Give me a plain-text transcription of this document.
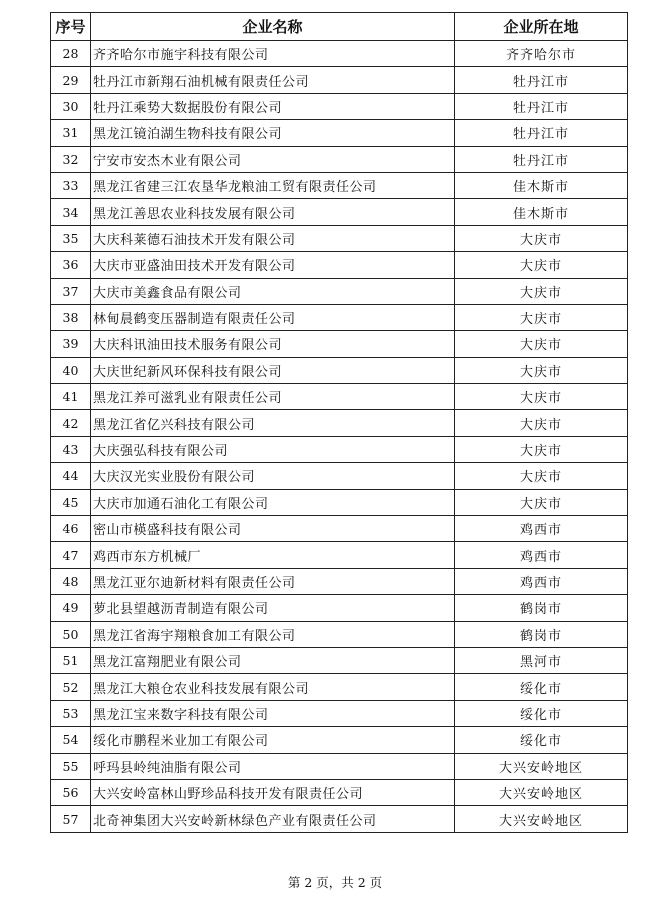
序号	企业名称	企业所在地
28	齐齐哈尔市施宇科技有限公司	齐齐哈尔市
29	牡丹江市新翔石油机械有限责任公司	牡丹江市
30	牡丹江乘势大数据股份有限公司	牡丹江市
31	黑龙江镜泊湖生物科技有限公司	牡丹江市
32	宁安市安杰木业有限公司	牡丹江市
33	黑龙江省建三江农垦华龙粮油工贸有限责任公司	佳木斯市
34	黑龙江善思农业科技发展有限公司	佳木斯市
35	大庆科莱德石油技术开发有限公司	大庆市
36	大庆市亚盛油田技术开发有限公司	大庆市
37	大庆市美鑫食品有限公司	大庆市
38	林甸晨鹤变压器制造有限责任公司	大庆市
39	大庆科讯油田技术服务有限公司	大庆市
40	大庆世纪新风环保科技有限公司	大庆市
41	黑龙江养可滋乳业有限责任公司	大庆市
42	黑龙江省亿兴科技有限公司	大庆市
43	大庆强弘科技有限公司	大庆市
44	大庆汉光实业股份有限公司	大庆市
45	大庆市加通石油化工有限公司	大庆市
46	密山市楧盛科技有限公司	鸡西市
47	鸡西市东方机械厂	鸡西市
48	黑龙江亚尔迪新材料有限责任公司	鸡西市
49	萝北县望越沥青制造有限公司	鹤岗市
50	黑龙江省海宇翔粮食加工有限公司	鹤岗市
51	黑龙江富翔肥业有限公司	黑河市
52	黑龙江大粮仓农业科技发展有限公司	绥化市
53	黑龙江宝来数字科技有限公司	绥化市
54	绥化市鹏程米业加工有限公司	绥化市
55	呼玛县岭纯油脂有限公司	大兴安岭地区
56	大兴安岭富林山野珍品科技开发有限责任公司	大兴安岭地区
57	北奇神集团大兴安岭新林绿色产业有限责任公司	大兴安岭地区
第 2 页，共 2 页
